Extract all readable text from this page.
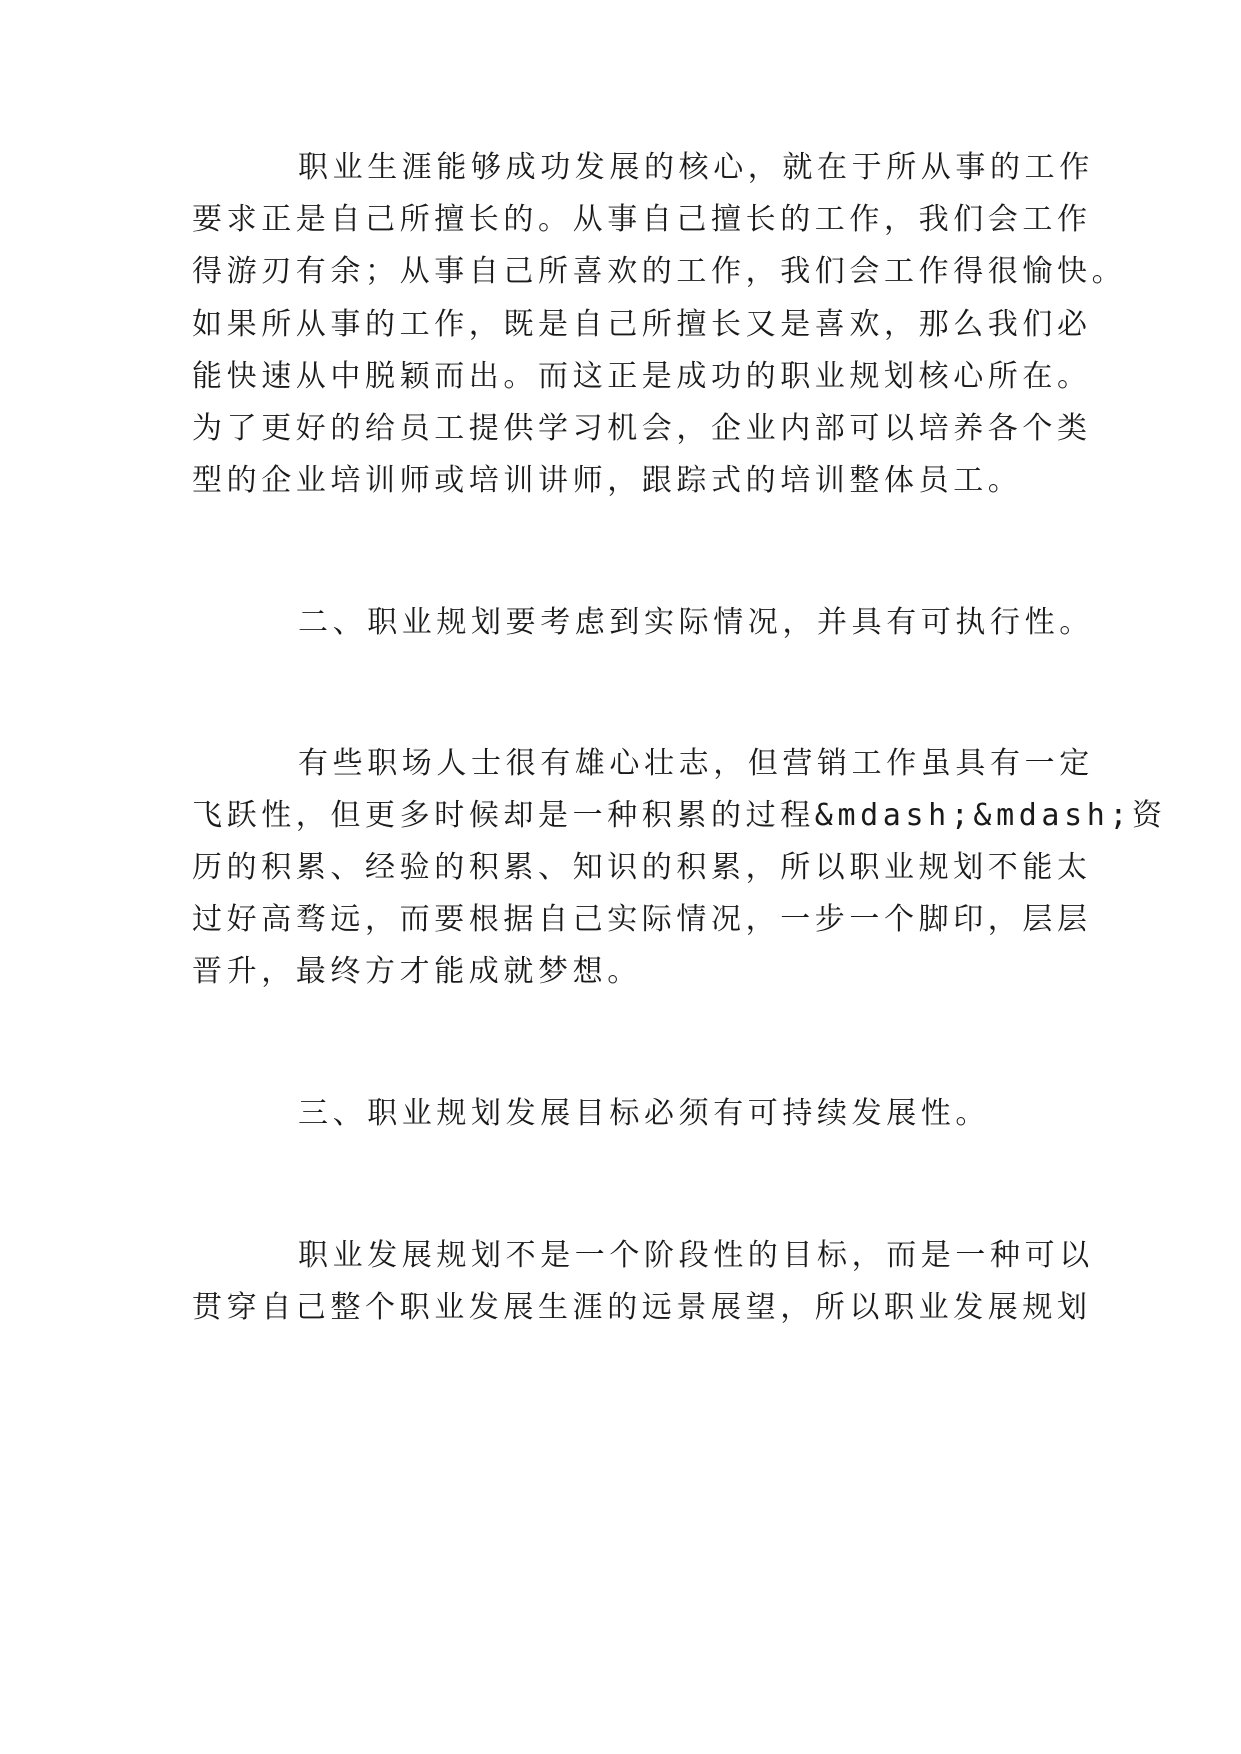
职业生涯能够成功发展的核心，就在于所从事的工作

要求正是自己所擅长的。从事自己擅长的工作，我们会工作

得游刃有余；从事自己所喜欢的工作，我们会工作得很愉快。

如果所从事的工作，既是自己所擅长又是喜欢，那么我们必

能快速从中脱颖而出。而这正是成功的职业规划核心所在。

为了更好的给员工提供学习机会，企业内部可以培养各个类

型的企业培训师或培训讲师，跟踪式的培训整体员工。

二、职业规划要考虑到实际情况，并具有可执行性。

有些职场人士很有雄心壮志，但营销工作虽具有一定

飞跃性，但更多时候却是一种积累的过程&mdash;&mdash;资

历的积累、经验的积累、知识的积累，所以职业规划不能太

过好高骛远，而要根据自己实际情况，一步一个脚印，层层

晋升，最终方才能成就梦想。

三、职业规划发展目标必须有可持续发展性。

职业发展规划不是一个阶段性的目标，而是一种可以

贯穿自己整个职业发展生涯的远景展望，所以职业发展规划
